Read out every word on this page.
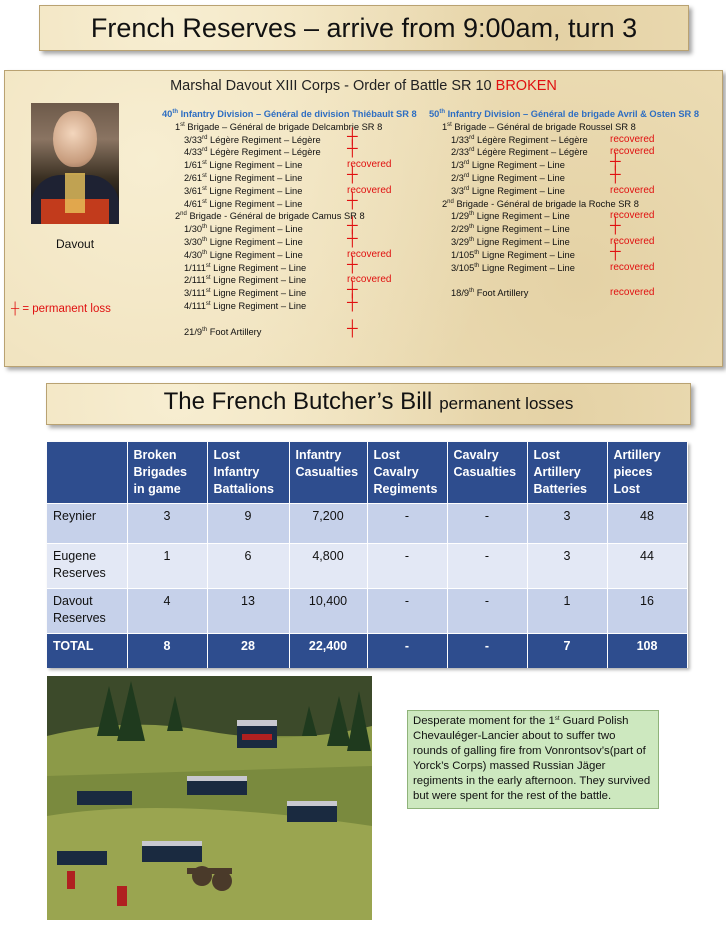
French Reserves – arrive from 9:00am, turn 3
Marshal Davout XIII Corps - Order of Battle SR 10 BROKEN
Davout
┼ = permanent loss
40th Infantry Division – Général de division Thiébault SR 8
1st Brigade – Général de brigade Delcambrie SR 8
3/33rd Légère Regiment – Légère ┼
4/33rd Légère Regiment – Légère ┼
1/61st Ligne Regiment – Line	recovered
2/61st Ligne Regiment – Line	┼
3/61st Ligne Regiment – Line	recovered
4/61st Ligne Regiment – Line	┼
2nd Brigade - Général de brigade Camus SR 8
1/30th Ligne Regiment – Line	┼
3/30th Ligne Regiment – Line	┼
4/30th Ligne Regiment – Line	recovered
1/111st Ligne Regiment – Line	┼
2/111st Ligne Regiment – Line	recovered
3/111st Ligne Regiment – Line	┼
4/111st Ligne Regiment – Line	┼
21/9th Foot Artillery	┼
50th Infantry Division – Général de brigade Avril & Osten SR 8
1st Brigade – Général de brigade Roussel SR 8
1/33rd Légère Regiment – Légère recovered
2/33rd Légère Regiment – Légère recovered
1/3rd Ligne Regiment – Line	┼
2/3rd Ligne Regiment – Line	┼
3/3rd Ligne Regiment – Line	recovered
2nd Brigade - Général de brigade la Roche SR 8
1/29th Ligne Regiment – Line	recovered
2/29th Ligne Regiment – Line	┼
3/29th Ligne Regiment – Line	recovered
1/105th Ligne Regiment – Line ┼
3/105th Ligne Regiment – Line	recovered
18/9th Foot Artillery	recovered
The French Butcher’s Bill permanent losses
	Broken Brigades in game	Lost Infantry Battalions	Infantry Casualties	Lost Cavalry Regiments	Cavalry Casualties	Lost Artillery Batteries	Artillery pieces Lost
Reynier	3	9	7,200	-	-	3	48
Eugene Reserves	1	6	4,800	-	-	3	44
Davout Reserves	4	13	10,400	-	-	1	16
TOTAL	8	28	22,400	-	-	7	108
Desperate moment for the 1st Guard Polish Chevauléger-Lancier about to suffer two rounds of galling fire from Vonrontsov’s(part of Yorck’s Corps) massed Russian Jäger regiments in the early afternoon. They survived but were spent for the rest of the battle.
